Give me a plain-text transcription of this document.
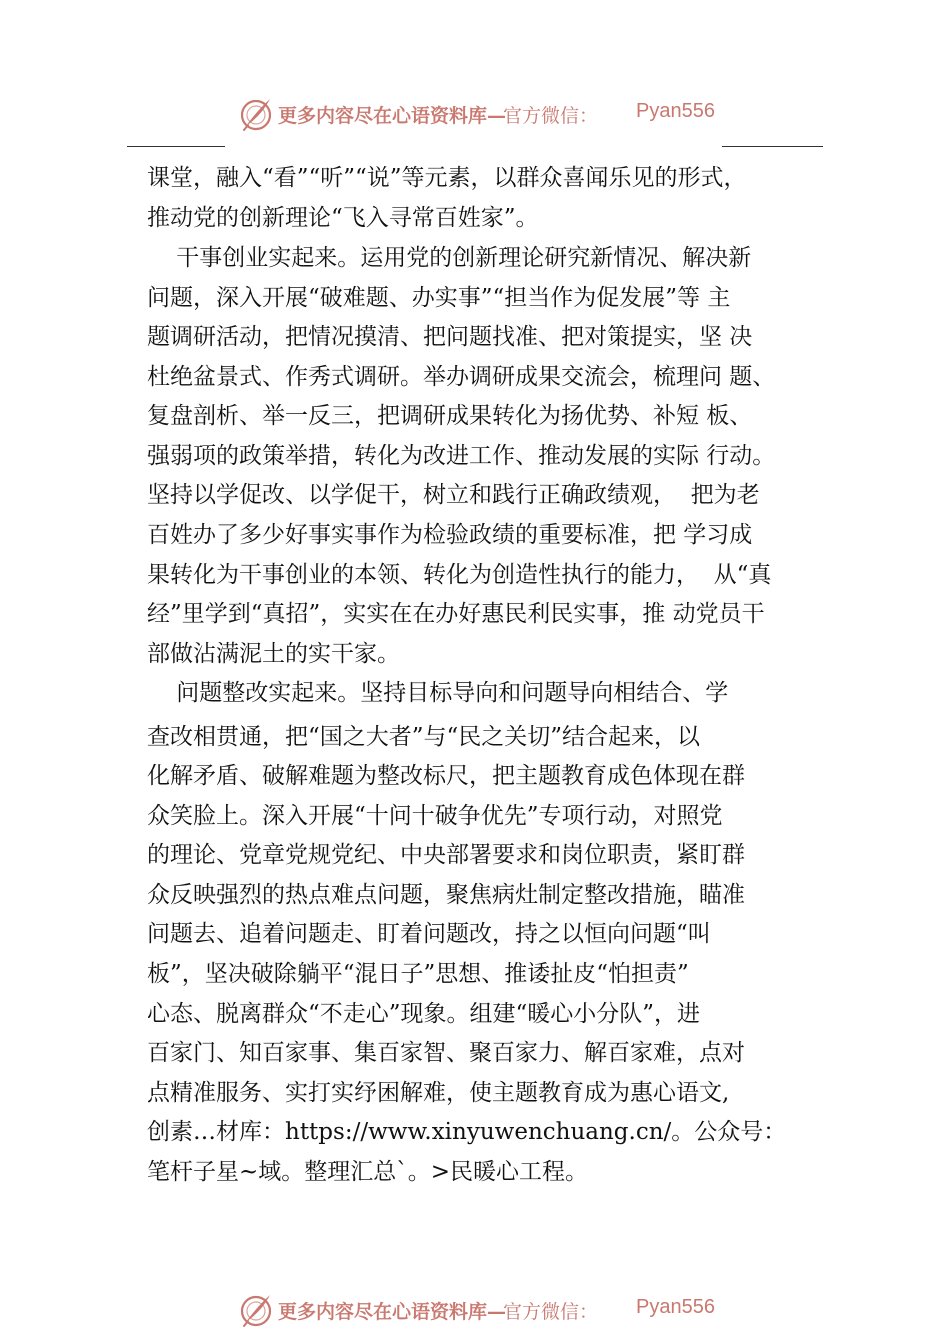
更多内容尽在心语资料库—
官方微信： Pyan556
课堂，融入“看”“听”“说”等元素，以群众喜闻乐见的形式，
推动党的创新理论“飞入寻常百姓家”。
干事创业实起来。运用党的创新理论研究新情况、解决新
问题，深入开展“破难题、办实事”“担当作为促发展”等 主
题调研活动，把情况摸清、把问题找准、把对策提实，坚 决
杜绝盆景式、作秀式调研。举办调研成果交流会，梳理问 题、
复盘剖析、举一反三，把调研成果转化为扬优势、补短 板、
强弱项的政策举措，转化为改进工作、推动发展的实际 行动。
坚持以学促改、以学促干，树立和践行正确政绩观，  把为老
百姓办了多少好事实事作为检验政绩的重要标准，把 学习成
果转化为干事创业的本领、转化为创造性执行的能力，  从“真
经”里学到“真招”，实实在在办好惠民利民实事，推 动党员干
部做沾满泥土的实干家。
问题整改实起来。坚持目标导向和问题导向相结合、学
查改相贯通，把“国之大者”与“民之关切”结合起来，以
化解矛盾、破解难题为整改标尺，把主题教育成色体现在群
众笑脸上。深入开展“十问十破争优先”专项行动，对照党
的理论、党章党规党纪、中央部署要求和岗位职责，紧盯群
众反映强烈的热点难点问题，聚焦病灶制定整改措施，瞄准
问题去、追着问题走、盯着问题改，持之以恒向问题“叫
板”，坚决破除躺平“混日子”思想、推诿扯皮“怕担责”
心态、脱离群众“不走心”现象。组建“暖心小分队”，进
百家门、知百家事、集百家智、聚百家力、解百家难，点对
点精准服务、实打实纾困解难，使主题教育成为惠心语文,
创素…材库：https://www.xinyuwenchuang.cn/。公众号：
笔杆子星~域。整理汇总`。>民暖心工程。
更多内容尽在心语资料库—
官方微信： Pyan556
